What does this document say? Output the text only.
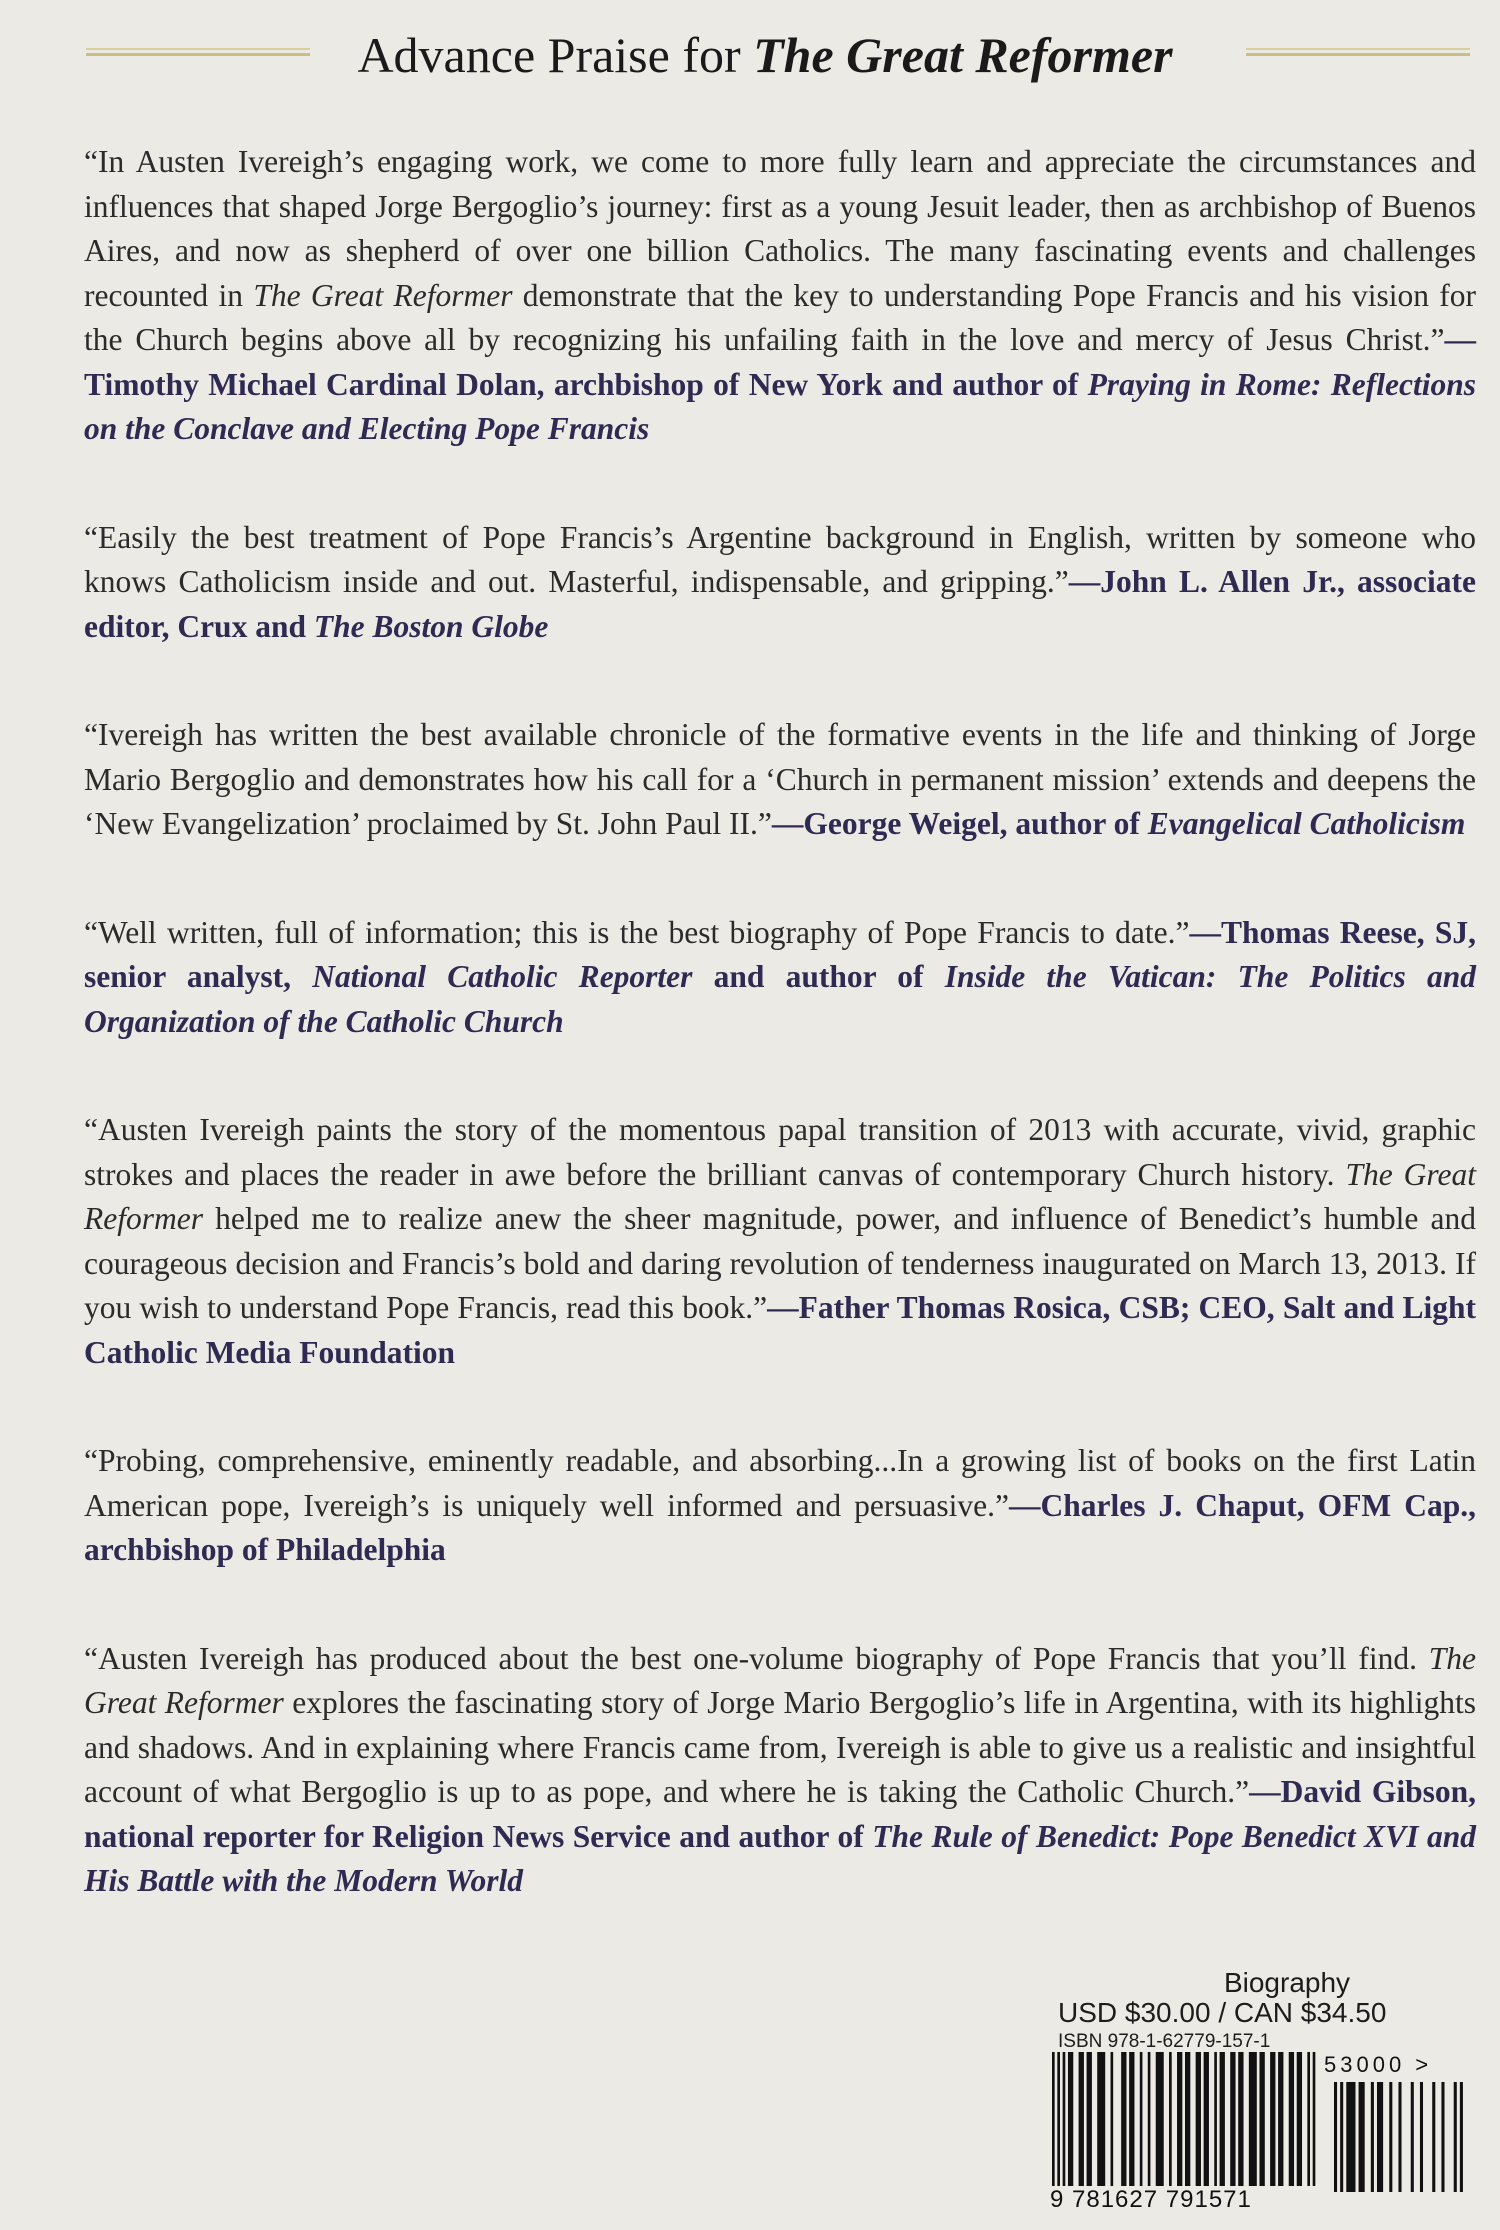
Advance Praise for The Great Reformer

“In Austen Ivereigh’s engaging work, we come to more fully learn and appreciate the circumstances and influences that shaped Jorge Bergoglio’s journey: first as a young Jesuit leader, then as archbishop of Buenos Aires, and now as shepherd of over one billion Catholics. The many fascinating events and challenges recounted in The Great Reformer demonstrate that the key to understanding Pope Francis and his vision for the Church begins above all by recognizing his unfailing faith in the love and mercy of Jesus Christ.”—Timothy Michael Cardinal Dolan, archbishop of New York and author of Praying in Rome: Reflections on the Conclave and Electing Pope Francis

“Easily the best treatment of Pope Francis’s Argentine background in English, written by someone who knows Catholicism inside and out. Masterful, indispensable, and gripping.”—John L. Allen Jr., associate editor, Crux and The Boston Globe

“Ivereigh has written the best available chronicle of the formative events in the life and thinking of Jorge Mario Bergoglio and demonstrates how his call for a ‘Church in permanent mission’ extends and deepens the ‘New Evangelization’ proclaimed by St. John Paul II.”—George Weigel, author of Evangelical Catholicism

“Well written, full of information; this is the best biography of Pope Francis to date.”—Thomas Reese, SJ, senior analyst, National Catholic Reporter and author of Inside the Vatican: The Politics and Organization of the Catholic Church

“Austen Ivereigh paints the story of the momentous papal transition of 2013 with accurate, vivid, graphic strokes and places the reader in awe before the brilliant canvas of contemporary Church history. The Great Reformer helped me to realize anew the sheer magnitude, power, and influence of Benedict’s humble and courageous decision and Francis’s bold and daring revolution of tenderness inaugurated on March 13, 2013. If you wish to understand Pope Francis, read this book.”—Father Thomas Rosica, CSB; CEO, Salt and Light Catholic Media Foundation

“Probing, comprehensive, eminently readable, and absorbing...In a growing list of books on the first Latin American pope, Ivereigh’s is uniquely well informed and persuasive.”—Charles J. Chaput, OFM Cap., archbishop of Philadelphia

“Austen Ivereigh has produced about the best one-volume biography of Pope Francis that you’ll find. The Great Reformer explores the fascinating story of Jorge Mario Bergoglio’s life in Argentina, with its highlights and shadows. And in explaining where Francis came from, Ivereigh is able to give us a realistic and insightful account of what Bergoglio is up to as pope, and where he is taking the Catholic Church.”—David Gibson, national reporter for Religion News Service and author of The Rule of Benedict: Pope Benedict XVI and His Battle with the Modern World

Biography
USD $30.00 / CAN $34.50
ISBN 978-1-62779-157-1
53000 >
9 781627 791571
